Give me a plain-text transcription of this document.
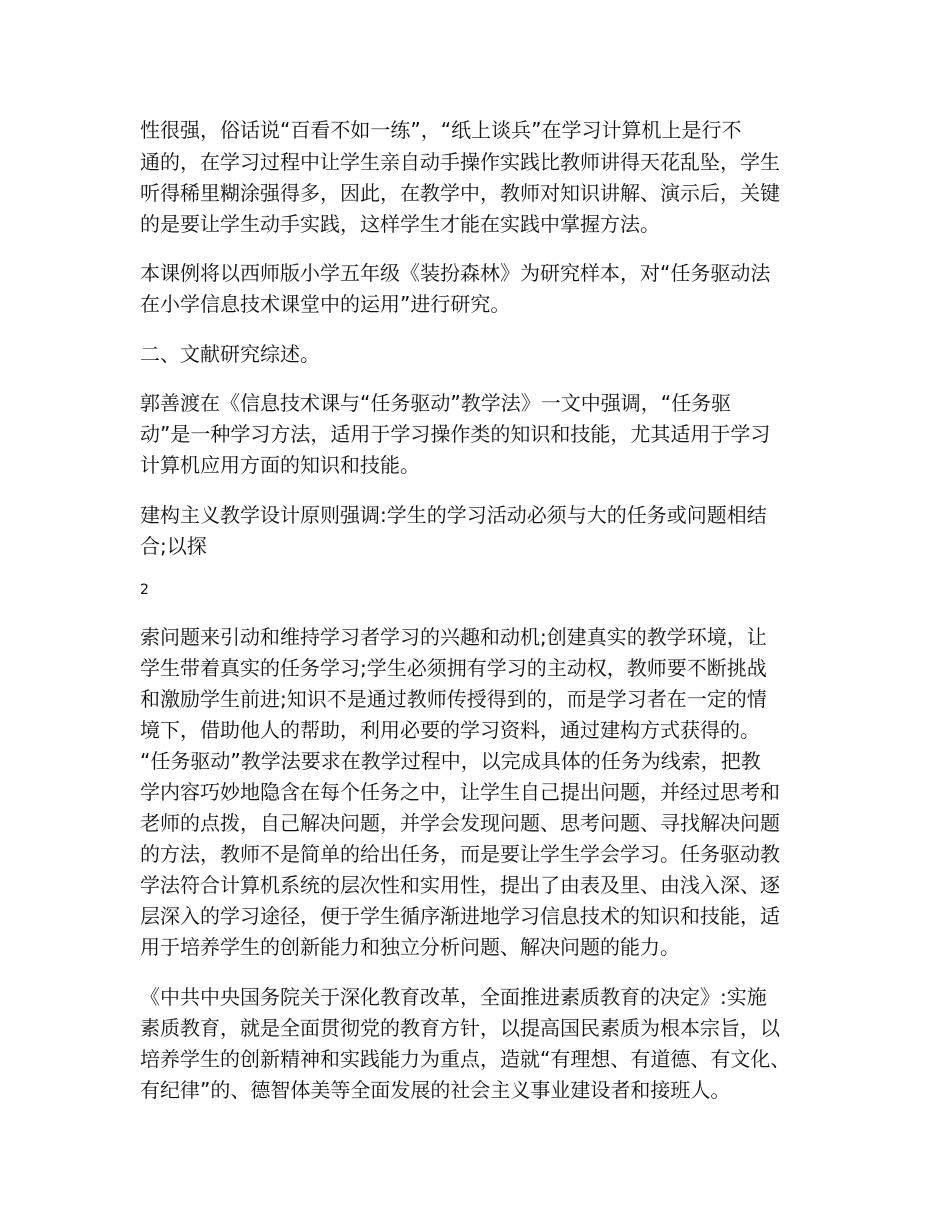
性很强，俗话说“百看不如一练”，“纸上谈兵”在学习计算机上是行不
通的，在学习过程中让学生亲自动手操作实践比教师讲得天花乱坠，学生
听得稀里糊涂强得多，因此，在教学中，教师对知识讲解、演示后，关键
的是要让学生动手实践，这样学生才能在实践中掌握方法。
本课例将以西师版小学五年级《装扮森林》为研究样本，对“任务驱动法
在小学信息技术课堂中的运用”进行研究。
二、文献研究综述。
郭善渡在《信息技术课与“任务驱动”教学法》一文中强调，“任务驱
动”是一种学习方法，适用于学习操作类的知识和技能，尤其适用于学习
计算机应用方面的知识和技能。
建构主义教学设计原则强调:学生的学习活动必须与大的任务或问题相结
合;以探
2
索问题来引动和维持学习者学习的兴趣和动机;创建真实的教学环境，让
学生带着真实的任务学习;学生必须拥有学习的主动权，教师要不断挑战
和激励学生前进;知识不是通过教师传授得到的，而是学习者在一定的情
境下，借助他人的帮助，利用必要的学习资料，通过建构方式获得的。
“任务驱动”教学法要求在教学过程中，以完成具体的任务为线索，把教
学内容巧妙地隐含在每个任务之中，让学生自己提出问题，并经过思考和
老师的点拨，自己解决问题，并学会发现问题、思考问题、寻找解决问题
的方法，教师不是简单的给出任务，而是要让学生学会学习。任务驱动教
学法符合计算机系统的层次性和实用性，提出了由表及里、由浅入深、逐
层深入的学习途径，便于学生循序渐进地学习信息技术的知识和技能，适
用于培养学生的创新能力和独立分析问题、解决问题的能力。
《中共中央国务院关于深化教育改革，全面推进素质教育的决定》:实施
素质教育，就是全面贯彻党的教育方针，以提高国民素质为根本宗旨，以
培养学生的创新精神和实践能力为重点，造就“有理想、有道德、有文化、
有纪律”的、德智体美等全面发展的社会主义事业建设者和接班人。
